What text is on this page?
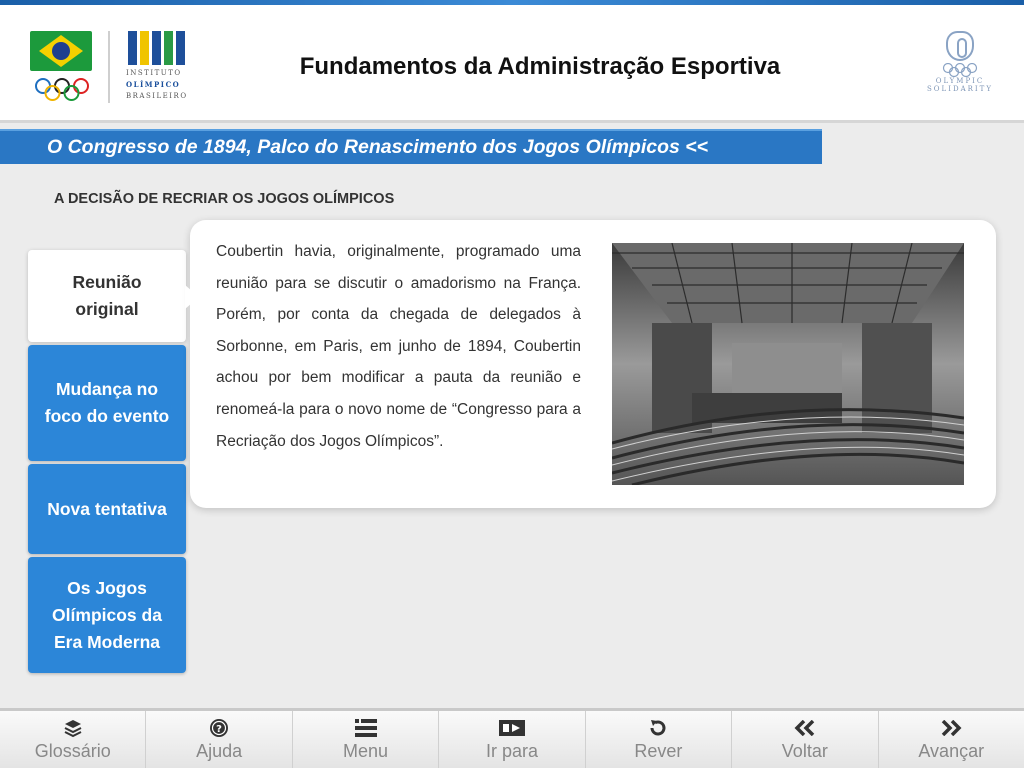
INSTITUTO
OLÍMPICO
BRASILEIRO
Fundamentos da Administração Esportiva
OLYMPIC
SOLIDARITY
O Congresso de 1894, Palco do Renascimento dos Jogos Olímpicos <<
A DECISÃO DE RECRIAR OS JOGOS OLÍMPICOS
Reunião original
Mudança no foco do evento
Nova tentativa
Os Jogos Olímpicos da Era Moderna
Coubertin havia, originalmente, programado uma reunião para se discutir o amadorismo na França. Porém, por conta da chegada de delegados à Sorbonne, em Paris, em junho de 1894, Coubertin achou por bem modificar a pauta da reunião e renomeá-la para o novo nome de “Congresso para a Recriação dos Jogos Olímpicos”.
Glossário
?
Ajuda	Menu	Ir para	Rever	Voltar	Avançar
